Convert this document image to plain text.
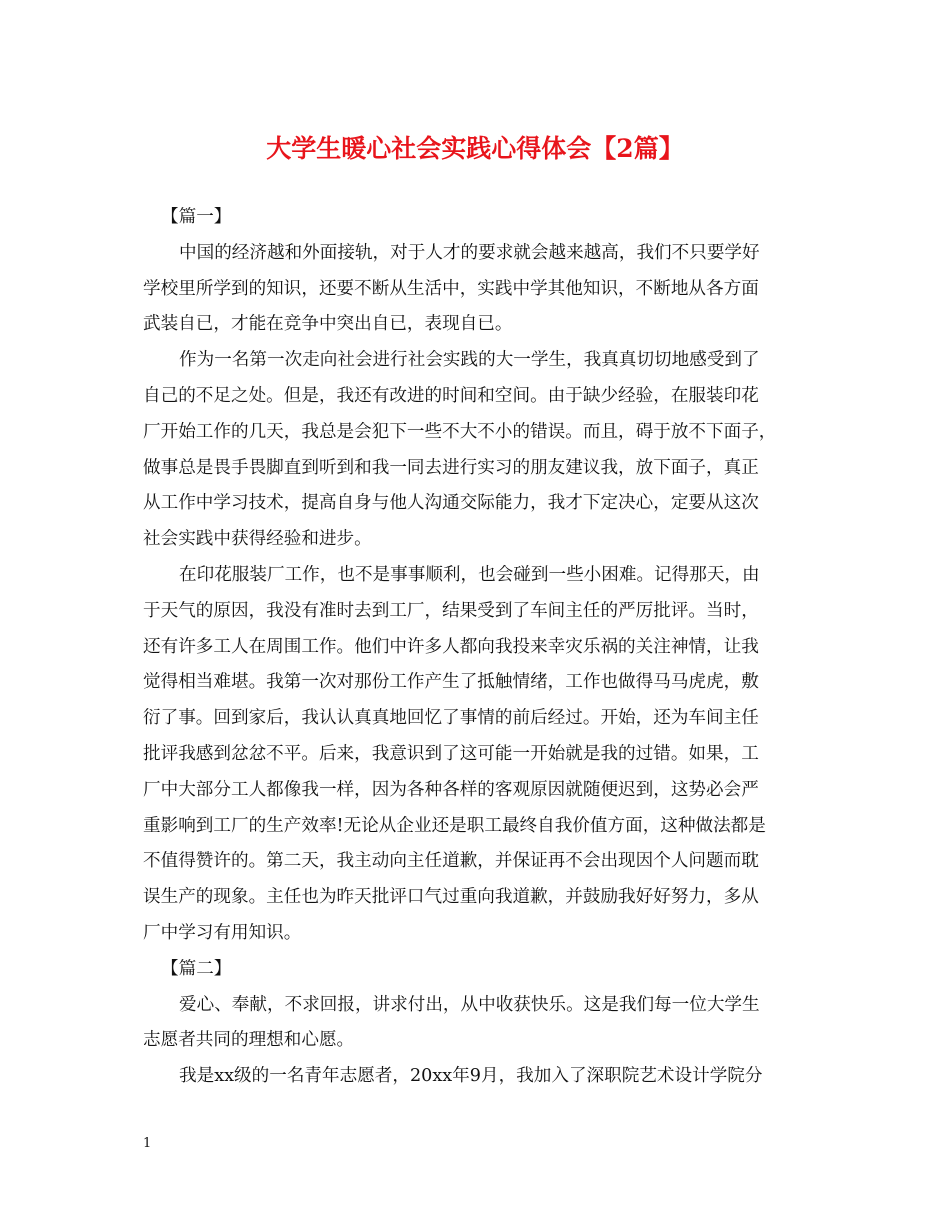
大学生暖心社会实践心得体会【2篇】
【篇一】
中国的经济越和外面接轨，对于人才的要求就会越来越高，我们不只要学好
学校里所学到的知识，还要不断从生活中，实践中学其他知识，不断地从各方面
武装自已，才能在竞争中突出自已，表现自已。
作为一名第一次走向社会进行社会实践的大一学生，我真真切切地感受到了
自己的不足之处。但是，我还有改进的时间和空间。由于缺少经验，在服装印花
厂开始工作的几天，我总是会犯下一些不大不小的错误。而且，碍于放不下面子，
做事总是畏手畏脚直到听到和我一同去进行实习的朋友建议我，放下面子，真正
从工作中学习技术，提高自身与他人沟通交际能力，我才下定决心，定要从这次
社会实践中获得经验和进步。
在印花服装厂工作，也不是事事顺利，也会碰到一些小困难。记得那天，由
于天气的原因，我没有准时去到工厂，结果受到了车间主任的严厉批评。当时，
还有许多工人在周围工作。他们中许多人都向我投来幸灾乐祸的关注神情，让我
觉得相当难堪。我第一次对那份工作产生了抵触情绪，工作也做得马马虎虎，敷
衍了事。回到家后，我认认真真地回忆了事情的前后经过。开始，还为车间主任
批评我感到忿忿不平。后来，我意识到了这可能一开始就是我的过错。如果，工
厂中大部分工人都像我一样，因为各种各样的客观原因就随便迟到，这势必会严
重影响到工厂的生产效率!无论从企业还是职工最终自我价值方面，这种做法都是
不值得赞许的。第二天，我主动向主任道歉，并保证再不会出现因个人问题而耽
误生产的现象。主任也为昨天批评口气过重向我道歉，并鼓励我好好努力，多从
厂中学习有用知识。
【篇二】
爱心、奉献，不求回报，讲求付出，从中收获快乐。这是我们每一位大学生
志愿者共同的理想和心愿。
我是xx级的一名青年志愿者，20xx年9月，我加入了深职院艺术设计学院分
1
